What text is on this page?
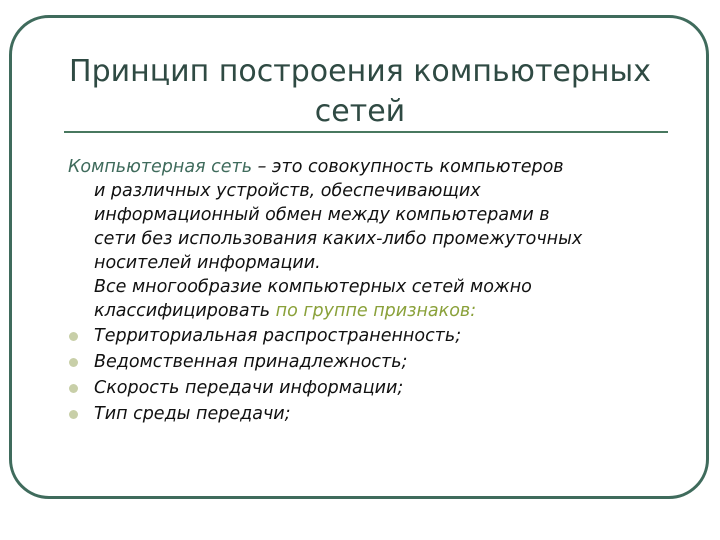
Принцип построения компьютерных
сетей

Компьютерная сеть – это совокупность компьютеров

и различных устройств, обеспечивающих

информационный обмен между компьютерами в

сети без использования каких-либо промежуточных

носителей информации.

Все многообразие компьютерных сетей можно

классифицировать по группе признаков:

Территориальная распространенность;
Ведомственная принадлежность;
Скорость передачи информации;
Тип среды передачи;
